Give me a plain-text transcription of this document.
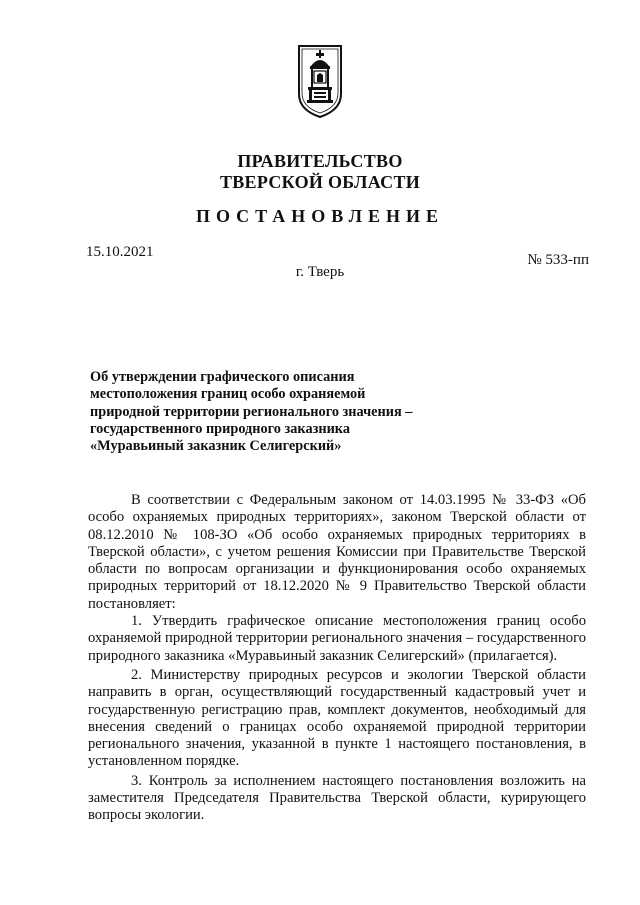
ПРАВИТЕЛЬСТВО
ТВЕРСКОЙ ОБЛАСТИ
ПОСТАНОВЛЕНИЕ
15.10.2021	№ 533-пп
г. Тверь
Об утверждении графического описания
местоположения границ особо охраняемой
природной территории регионального значения –
государственного природного заказника
«Муравьиный заказник Селигерский»

В соответствии с Федеральным законом от 14.03.1995 № 33-ФЗ «Об особо охраняемых природных территориях», законом Тверской области от 08.12.2010 № 108-ЗО «Об особо охраняемых природных территориях в Тверской области», с учетом решения Комиссии при Правительстве Тверской области по вопросам организации и функционирования особо охраняемых природных территорий от 18.12.2020 № 9 Правительство Тверской области постановляет:

1. Утвердить графическое описание местоположения границ особо охраняемой природной территории регионального значения – государственного природного заказника «Муравьиный заказник Селигерский» (прилагается).

2. Министерству природных ресурсов и экологии Тверской области направить в орган, осуществляющий государственный кадастровый учет и государственную регистрацию прав, комплект документов, необходимый для внесения сведений о границах особо охраняемой природной территории регионального значения, указанной в пункте 1 настоящего постановления, в установленном порядке.

3. Контроль за исполнением настоящего постановления возложить на заместителя Председателя Правительства Тверской области, курирующего вопросы экологии.
